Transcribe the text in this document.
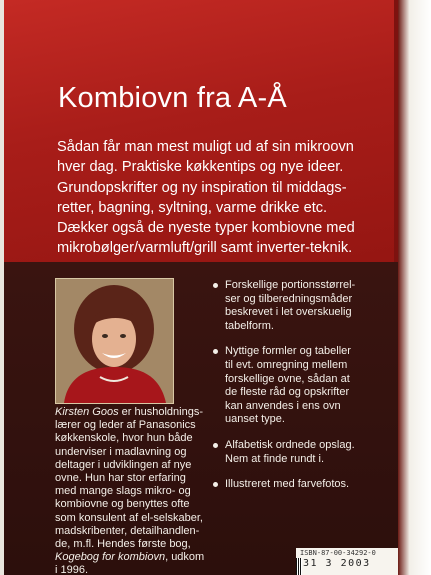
Kombiovn fra A-Å
Sådan får man mest muligt ud af sin mikroovn
hver dag. Praktiske køkkentips og nye ideer.
Grundopskrifter og ny inspiration til middags-
retter, bagning, syltning, varme drikke etc.
Dækker også de nyeste typer kombiovne med
mikrobølger/varmluft/grill samt inverter-teknik.
Kirsten Goos er husholdnings-
lærer og leder af Panasonics
køkkenskole, hvor hun både
underviser i madlavning og
deltager i udviklingen af nye
ovne. Hun har stor erfaring
med mange slags mikro- og
kombiovne og benyttes ofte
som konsulent af el-selskaber,
madskribenter, detailhandlen-
de, m.fl. Hendes første bog,
Kogebog for kombiovn, udkom
i 1996.
Forskellige portionsstørrel-
ser og tilberedningsmåder
beskrevet i let overskuelig
tabelform.
Nyttige formler og tabeller
til evt. omregning mellem
forskellige ovne, sådan at
de fleste råd og opskrifter
kan anvendes i ens ovn
uanset type.
Alfabetisk ordnede opslag.
Nem at finde rundt i.
Illustreret med farvefotos.
ISBN-87-00-34292-0
31 3 2003
